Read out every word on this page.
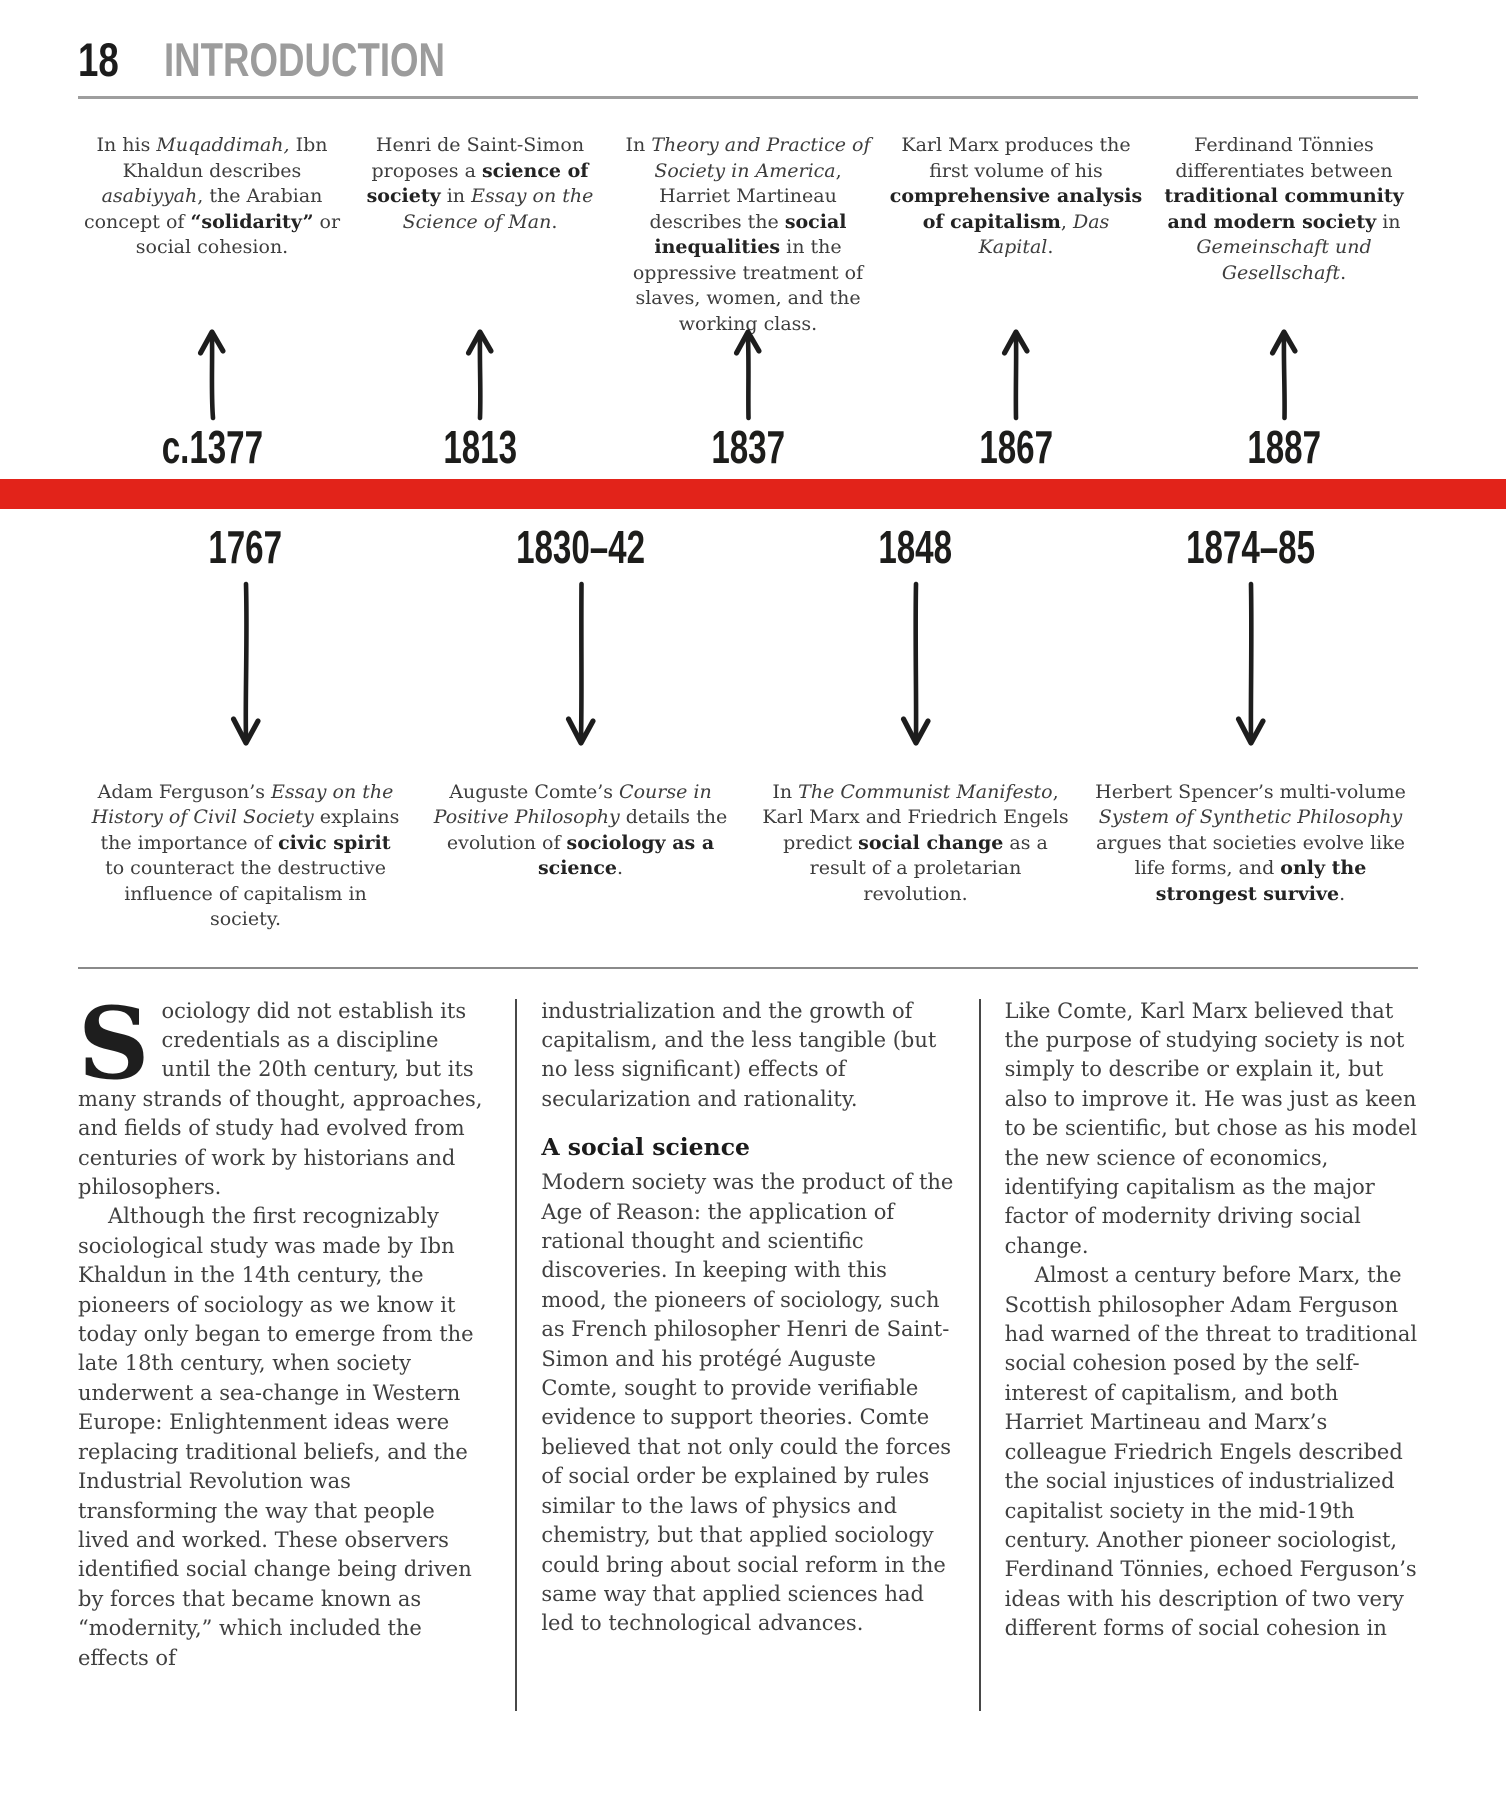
18 INTRODUCTION

In his Muqaddimah, Ibn Khaldun describes asabiyyah, the Arabian concept of “solidarity” or social cohesion.

c.1377

Henri de Saint-Simon proposes a science of society in Essay on the Science of Man.

1813

In Theory and Practice of Society in America, Harriet Martineau describes the social inequalities in the oppressive treatment of slaves, women, and the working class.

1837

Karl Marx produces the first volume of his comprehensive analysis of capitalism, Das Kapital.

1867

Ferdinand Tönnies differentiates between traditional community and modern society in Gemeinschaft und Gesellschaft.

1887
1767

Adam Ferguson’s Essay on the History of Civil Society explains the importance of civic spirit to counteract the destructive influence of capitalism in society.

1830–42

Auguste Comte’s Course in Positive Philosophy details the evolution of sociology as a science.

1848

In The Communist Manifesto, Karl Marx and Friedrich Engels predict social change as a result of a proletarian revolution.

1874–85

Herbert Spencer’s multi-volume System of Synthetic Philosophy argues that societies evolve like life forms, and only the strongest survive.

Sociology did not establish its credentials as a discipline until the 20th century, but its many strands of thought, approaches, and fields of study had evolved from centuries of work by historians and philosophers.

Although the first recognizably sociological study was made by Ibn Khaldun in the 14th century, the pioneers of sociology as we know it today only began to emerge from the late 18th century, when society underwent a sea-change in Western Europe: Enlightenment ideas were replacing traditional beliefs, and the Industrial Revolution was transforming the way that people lived and worked. These observers identified social change being driven by forces that became known as “modernity,” which included the effects of

industrialization and the growth of capitalism, and the less tangible (but no less significant) effects of secularization and rationality.

A social science

Modern society was the product of the Age of Reason: the application of rational thought and scientific discoveries. In keeping with this mood, the pioneers of sociology, such as French philosopher Henri de Saint-Simon and his protégé Auguste Comte, sought to provide verifiable evidence to support theories. Comte believed that not only could the forces of social order be explained by rules similar to the laws of physics and chemistry, but that applied sociology could bring about social reform in the same way that applied sciences had led to technological advances.

Like Comte, Karl Marx believed that the purpose of studying society is not simply to describe or explain it, but also to improve it. He was just as keen to be scientific, but chose as his model the new science of economics, identifying capitalism as the major factor of modernity driving social change.

Almost a century before Marx, the Scottish philosopher Adam Ferguson had warned of the threat to traditional social cohesion posed by the self-interest of capitalism, and both Harriet Martineau and Marx’s colleague Friedrich Engels described the social injustices of industrialized capitalist society in the mid-19th century. Another pioneer sociologist, Ferdinand Tönnies, echoed Ferguson’s ideas with his description of two very different forms of social cohesion in
